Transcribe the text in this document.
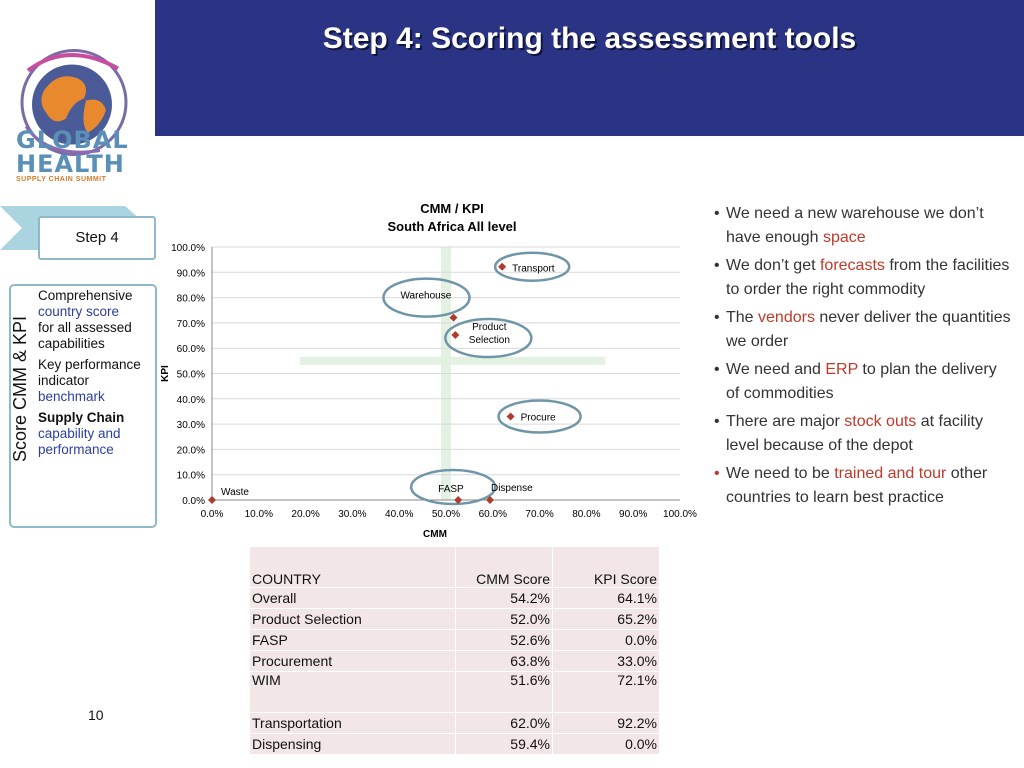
Step 4: Scoring the assessment tools
GLOBAL
HEALTH
SUPPLY CHAIN SUMMIT
Step 4
Score CMM & KPI
Comprehensive
country score
for all assessed capabilities
Key performance indicator
benchmark
Supply Chain
capability and performance
10
0.0%
10.0%
20.0%
30.0%
40.0%
50.0%
60.0%
70.0%
80.0%
90.0%
100.0%
0.0% 10.0% 20.0% 30.0% 40.0% 50.0% 60.0% 70.0% 80.0% 90.0% 100.0%
CMM / KPI
South Africa All level
CMM
KPI
Transport
Warehouse
Product
Selection
Procure
FASP	Dispense
Waste
• We need a new warehouse we don’t have enough space
• We don’t get forecasts from the facilities to order the right commodity
• The vendors never deliver the quantities we order
• We need and ERP to plan the delivery of commodities
• There are major stock outs at facility level because of the depot
• We need to be trained and tour other countries to learn best practice
COUNTRY	CMM Score	KPI Score
Overall	54.2%	64.1%
Product Selection	52.0%	65.2%
FASP	52.6%	0.0%
Procurement	63.8%	33.0%
WIM	51.6%	72.1%
Transportation	62.0%	92.2%
Dispensing	59.4%	0.0%
